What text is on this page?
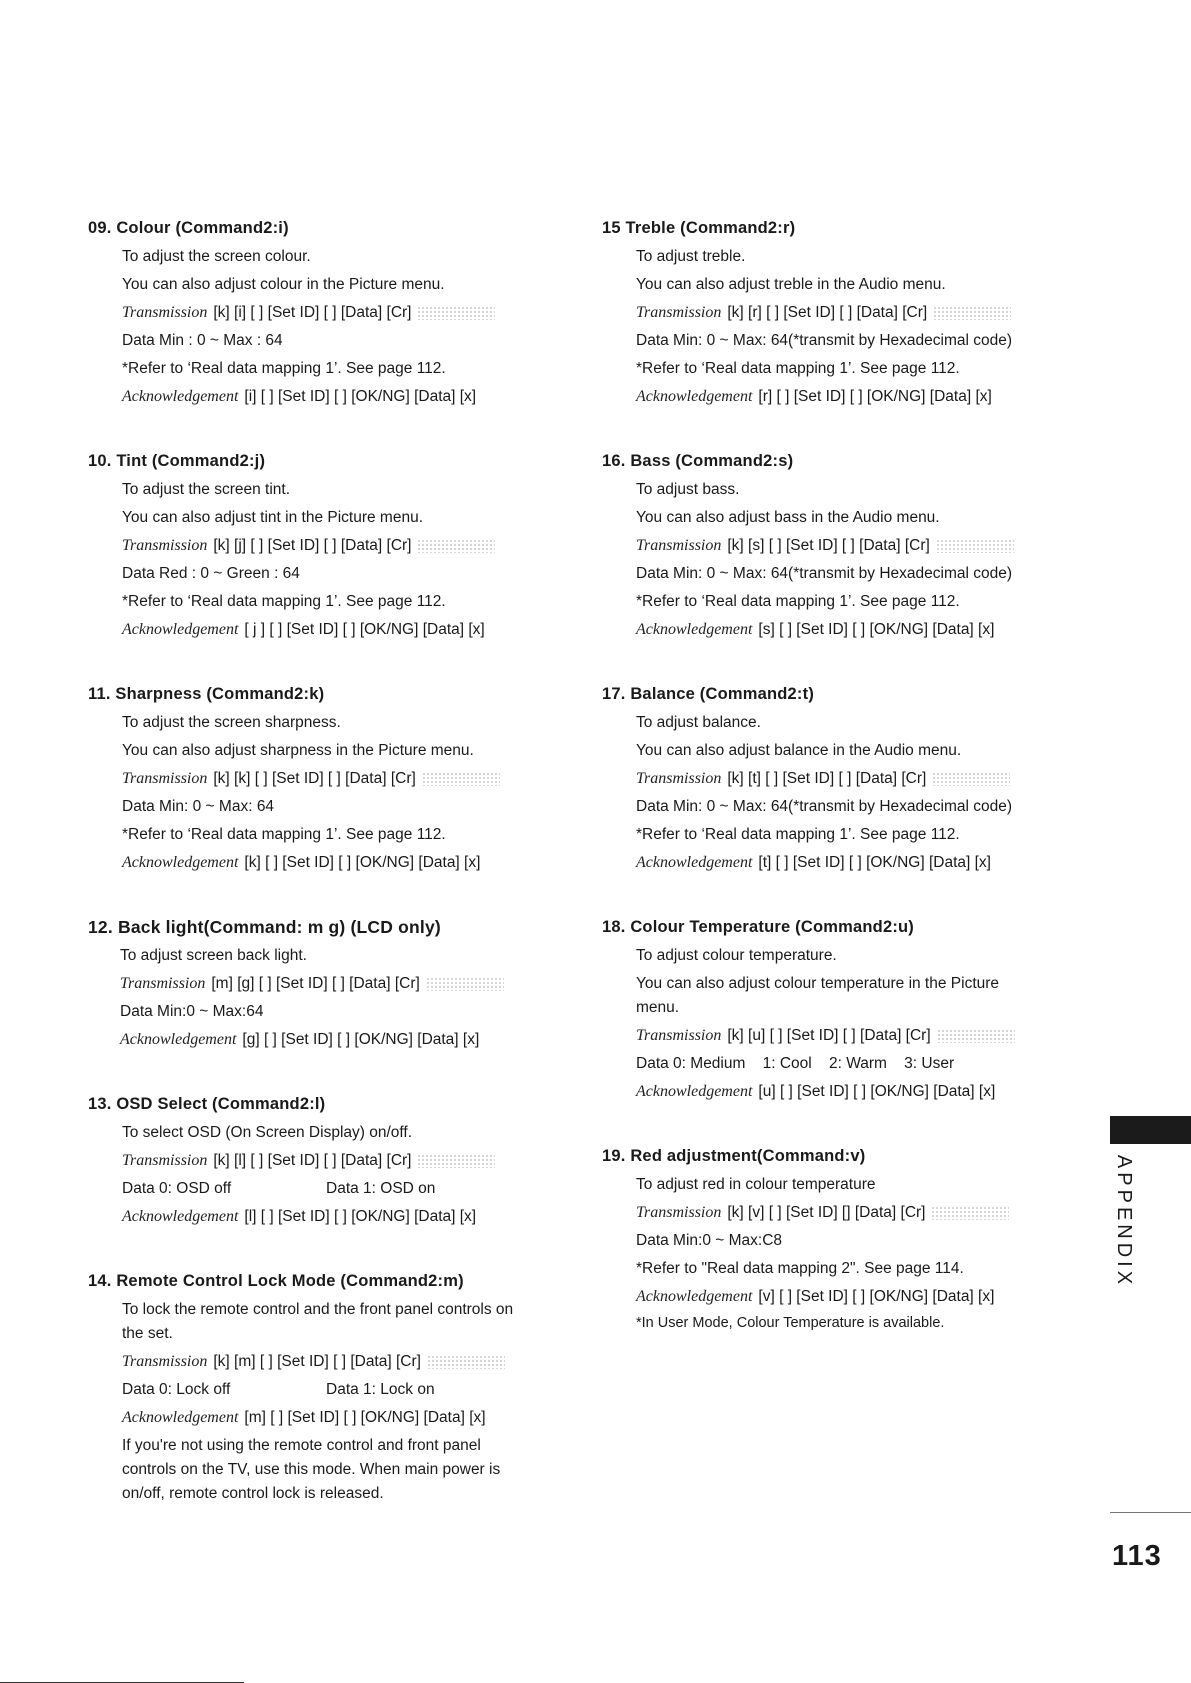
09. Colour (Command2:i)
To adjust the screen colour.
You can also adjust colour in the Picture menu.
Transmission [k] [i] [ ] [Set ID] [ ] [Data] [Cr]
Data Min : 0 ~ Max : 64
*Refer to ‘Real data mapping 1’. See page 112.
Acknowledgement [i] [ ] [Set ID] [ ] [OK/NG] [Data] [x]
10. Tint (Command2:j)
To adjust the screen tint.
You can also adjust tint in the Picture menu.
Transmission [k] [j] [ ] [Set ID] [ ] [Data] [Cr]
Data Red : 0 ~ Green : 64
*Refer to ‘Real data mapping 1’. See page 112.
Acknowledgement [ j ] [ ] [Set ID] [ ] [OK/NG] [Data] [x]
11. Sharpness (Command2:k)
To adjust the screen sharpness.
You can also adjust sharpness in the Picture menu.
Transmission [k] [k] [ ] [Set ID] [ ] [Data] [Cr]
Data Min: 0 ~ Max: 64
*Refer to ‘Real data mapping 1’. See page 112.
Acknowledgement [k] [ ] [Set ID] [ ] [OK/NG] [Data] [x]
12. Back light(Command: m g) (LCD only)
To adjust screen back light.
Transmission [m] [g] [ ] [Set ID] [ ] [Data] [Cr]
Data Min:0 ~ Max:64
Acknowledgement [g] [ ] [Set ID] [ ] [OK/NG] [Data] [x]
13. OSD Select (Command2:l)
To select OSD (On Screen Display) on/off.
Transmission [k] [l] [ ] [Set ID] [ ] [Data] [Cr]
Data 0: OSD off	Data 1: OSD on
Acknowledgement [l] [ ] [Set ID] [ ] [OK/NG] [Data] [x]
14. Remote Control Lock Mode (Command2:m)
To lock the remote control and the front panel controls on the set.
Transmission [k] [m] [ ] [Set ID] [ ] [Data] [Cr]
Data 0: Lock off	Data 1: Lock on
Acknowledgement [m] [ ] [Set ID] [ ] [OK/NG] [Data] [x]
If you're not using the remote control and front panel controls on the TV, use this mode. When main power is on/off, remote control lock is released.
15 Treble (Command2:r)
To adjust treble.
You can also adjust treble in the Audio menu.
Transmission [k] [r] [ ] [Set ID] [ ] [Data] [Cr]
Data Min: 0 ~ Max: 64(*transmit by Hexadecimal code)
*Refer to ‘Real data mapping 1’. See page 112.
Acknowledgement [r] [ ] [Set ID] [ ] [OK/NG] [Data] [x]
16. Bass (Command2:s)
To adjust bass.
You can also adjust bass in the Audio menu.
Transmission [k] [s] [ ] [Set ID] [ ] [Data] [Cr]
Data Min: 0 ~ Max: 64(*transmit by Hexadecimal code)
*Refer to ‘Real data mapping 1’. See page 112.
Acknowledgement [s] [ ] [Set ID] [ ] [OK/NG] [Data] [x]
17. Balance (Command2:t)
To adjust balance.
You can also adjust balance in the Audio menu.
Transmission [k] [t] [ ] [Set ID] [ ] [Data] [Cr]
Data Min: 0 ~ Max: 64(*transmit by Hexadecimal code)
*Refer to ‘Real data mapping 1’. See page 112.
Acknowledgement [t] [ ] [Set ID] [ ] [OK/NG] [Data] [x]
18. Colour Temperature (Command2:u)
To adjust colour temperature.
You can also adjust colour temperature in the Picture menu.
Transmission [k] [u] [ ] [Set ID] [ ] [Data] [Cr]
Data 0: Medium    1: Cool    2: Warm    3: User
Acknowledgement [u] [ ] [Set ID] [ ] [OK/NG] [Data] [x]
19. Red adjustment(Command:v)
To adjust red in colour temperature
Transmission [k] [v] [ ] [Set ID] [] [Data] [Cr]
Data Min:0 ~ Max:C8
*Refer to "Real data mapping 2". See page 114.
Acknowledgement [v] [ ] [Set ID] [ ] [OK/NG] [Data] [x]
*In User Mode, Colour Temperature is available.
APPENDIX
113
